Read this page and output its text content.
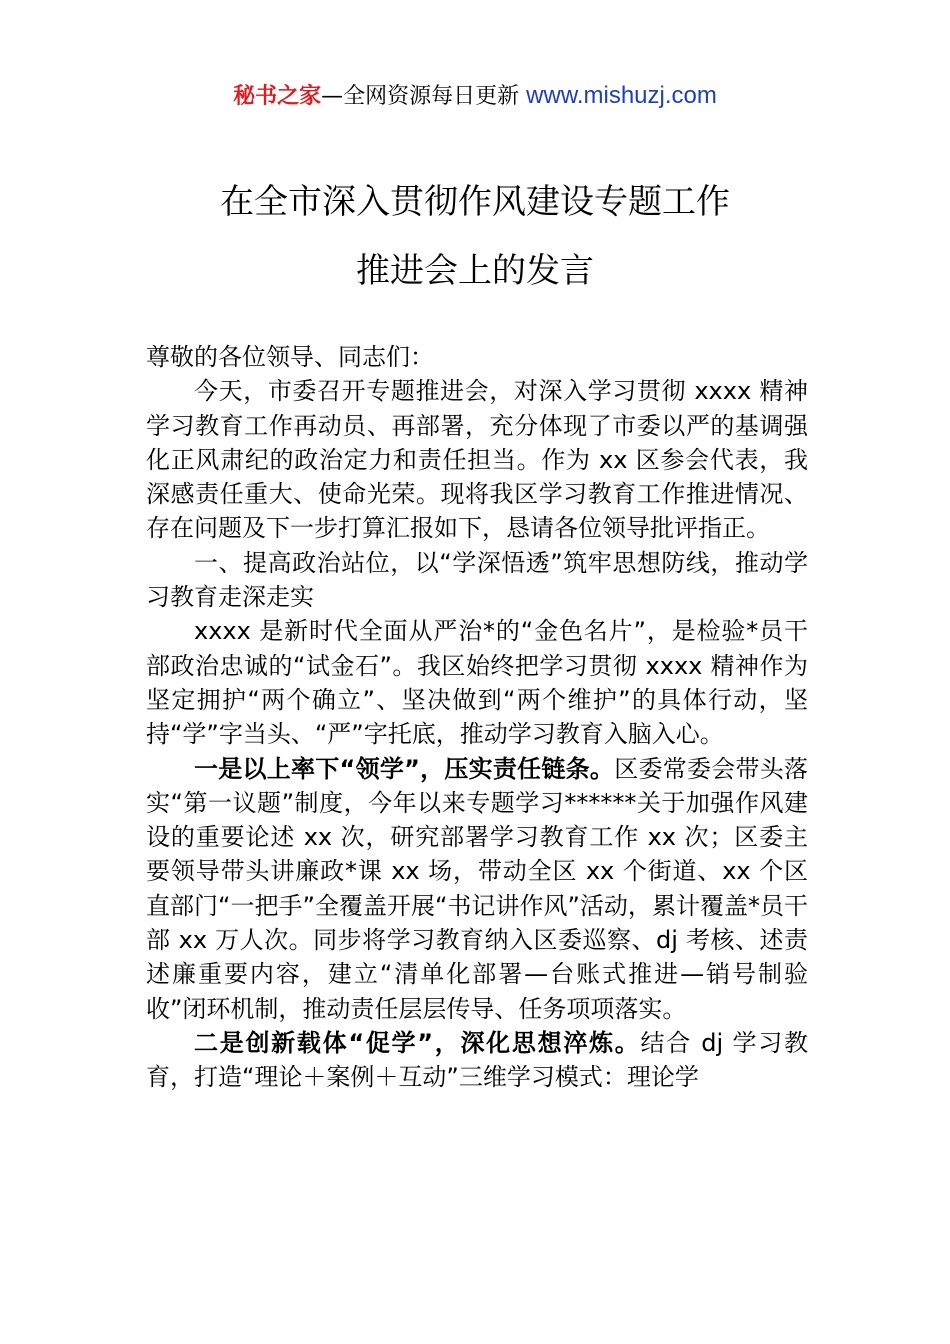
秘书之家—全网资源每日更新 www.mishuzj.com
在全市深入贯彻作风建设专题工作
推进会上的发言

尊敬的各位领导、同志们：

今天，市委召开专题推进会，对深入学习贯彻 xxxx 精神学习教育工作再动员、再部署，充分体现了市委以严的基调强化正风肃纪的政治定力和责任担当。作为 xx 区参会代表，我深感责任重大、使命光荣。现将我区学习教育工作推进情况、存在问题及下一步打算汇报如下，恳请各位领导批评指正。

一、提高政治站位，以“学深悟透”筑牢思想防线，推动学习教育走深走实

xxxx 是新时代全面从严治*的“金色名片”，是检验*员干部政治忠诚的“试金石”。我区始终把学习贯彻 xxxx 精神作为坚定拥护“两个确立”、坚决做到“两个维护”的具体行动，坚持“学”字当头、“严”字托底，推动学习教育入脑入心。

一是以上率下“领学”，压实责任链条。区委常委会带头落实“第一议题”制度，今年以来专题学习******关于加强作风建设的重要论述 xx 次，研究部署学习教育工作 xx 次；区委主要领导带头讲廉政*课 xx 场，带动全区 xx 个街道、xx 个区直部门“一把手”全覆盖开展“书记讲作风”活动，累计覆盖*员干部 xx 万人次。同步将学习教育纳入区委巡察、dj 考核、述责述廉重要内容，建立“清单化部署—台账式推进—销号制验收”闭环机制，推动责任层层传导、任务项项落实。

二是创新载体“促学”，深化思想淬炼。结合 dj 学习教育，打造“理论＋案例＋互动”三维学习模式：理论学
